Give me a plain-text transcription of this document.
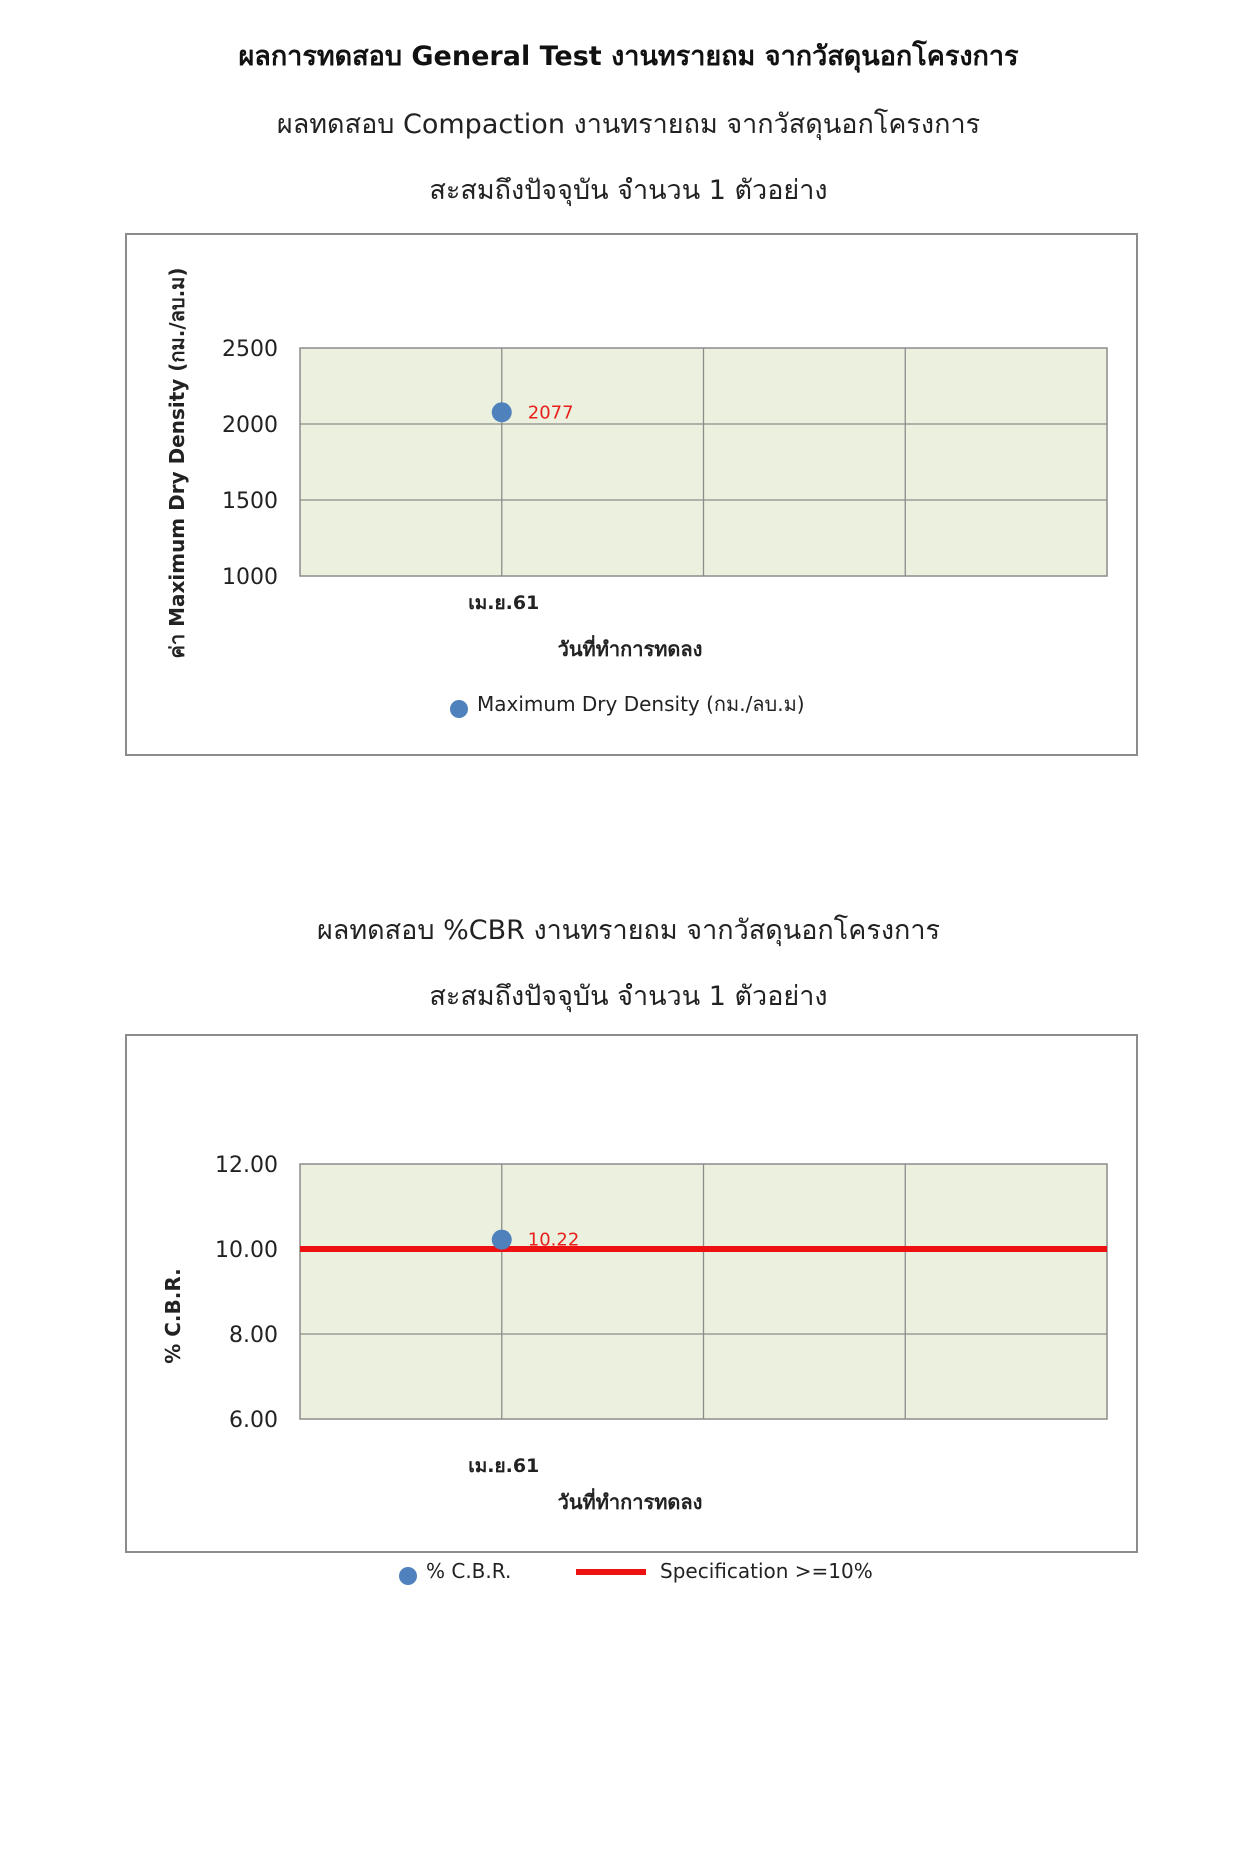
ผลการทดสอบ General Test งานทรายถม จากวัสดุนอกโครงการ
ผลทดสอบ Compaction งานทรายถม จากวัสดุนอกโครงการ
สะสมถึงปัจจุบัน จำนวน 1 ตัวอย่าง
1000
1500
2000
2500
เม.ย.61
2077
วันที่ทำการทดลง
ค่า Maximum Dry Density (กม./ลบ.ม)
Maximum Dry Density (กม./ลบ.ม)
ผลทดสอบ %CBR งานทรายถม จากวัสดุนอกโครงการ
สะสมถึงปัจจุบัน จำนวน 1 ตัวอย่าง
6.00
8.00
10.00
12.00
เม.ย.61
10.22
วันที่ทำการทดลง
% C.B.R.
% C.B.R.	Specification >=10%
